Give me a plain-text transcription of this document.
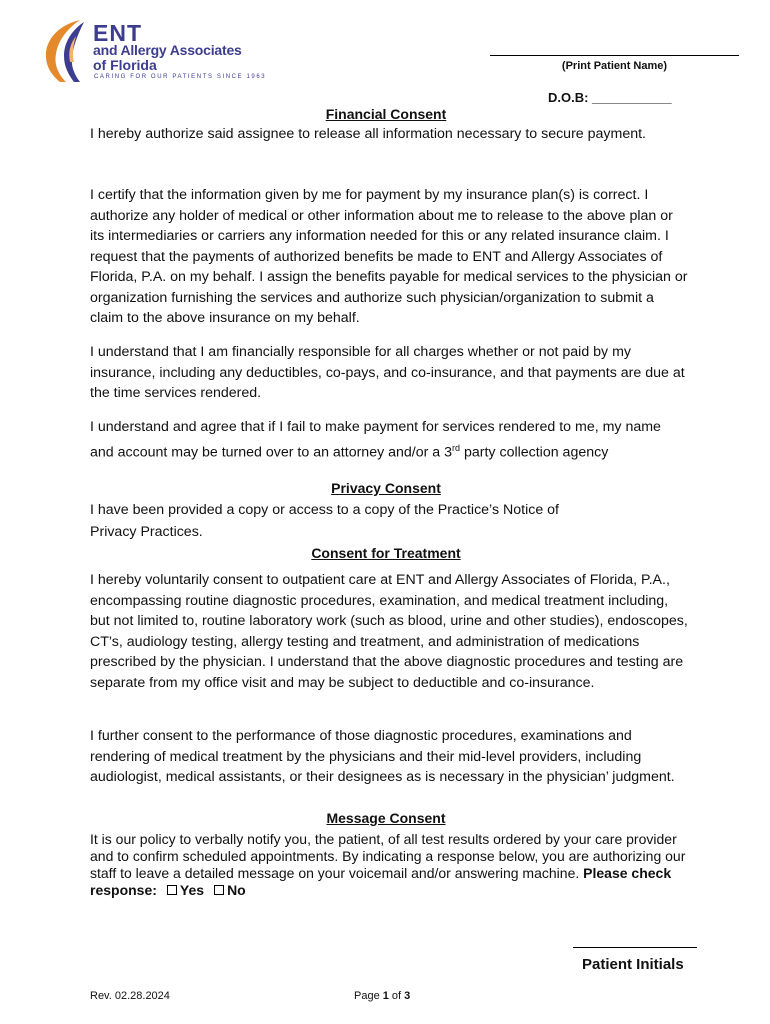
ENT
and Allergy Associates
of Florida
CARING FOR OUR PATIENTS SINCE 1963
(Print Patient Name)
D.O.B: ___________
Financial Consent
I hereby authorize said assignee to release all information necessary to secure payment.
I certify that the information given by me for payment by my insurance plan(s) is correct. I authorize any holder of medical or other information about me to release to the above plan or its intermediaries or carriers any information needed for this or any related insurance claim. I request that the payments of authorized benefits be made to ENT and Allergy Associates of Florida, P.A. on my behalf. I assign the benefits payable for medical services to the physician or organization furnishing the services and authorize such physician/organization to submit a claim to the above insurance on my behalf.
I understand that I am financially responsible for all charges whether or not paid by my insurance, including any deductibles, co-pays, and co-insurance, and that payments are due at the time services rendered.
I understand and agree that if I fail to make payment for services rendered to me, my name and account may be turned over to an attorney and/or a 3rd party collection agency
Privacy Consent
I have been provided a copy or access to a copy of the Practice’s Notice of
Privacy Practices.
Consent for Treatment
I hereby voluntarily consent to outpatient care at ENT and Allergy Associates of Florida, P.A., encompassing routine diagnostic procedures, examination, and medical treatment including, but not limited to, routine laboratory work (such as blood, urine and other studies), endoscopes, CT’s, audiology testing, allergy testing and treatment, and administration of medications prescribed by the physician. I understand that the above diagnostic procedures and testing are separate from my office visit and may be subject to deductible and co-insurance.
I further consent to the performance of those diagnostic procedures, examinations and rendering of medical treatment by the physicians and their mid-level providers, including audiologist, medical assistants, or their designees as is necessary in the physician’ judgment.
Message Consent
It is our policy to verbally notify you, the patient, of all test results ordered by your care provider and to confirm scheduled appointments. By indicating a response below, you are authorizing our staff to leave a detailed message on your voicemail and/or answering machine. Please check response: Yes No
Patient Initials
Rev. 02.28.2024	Page 1 of 3
